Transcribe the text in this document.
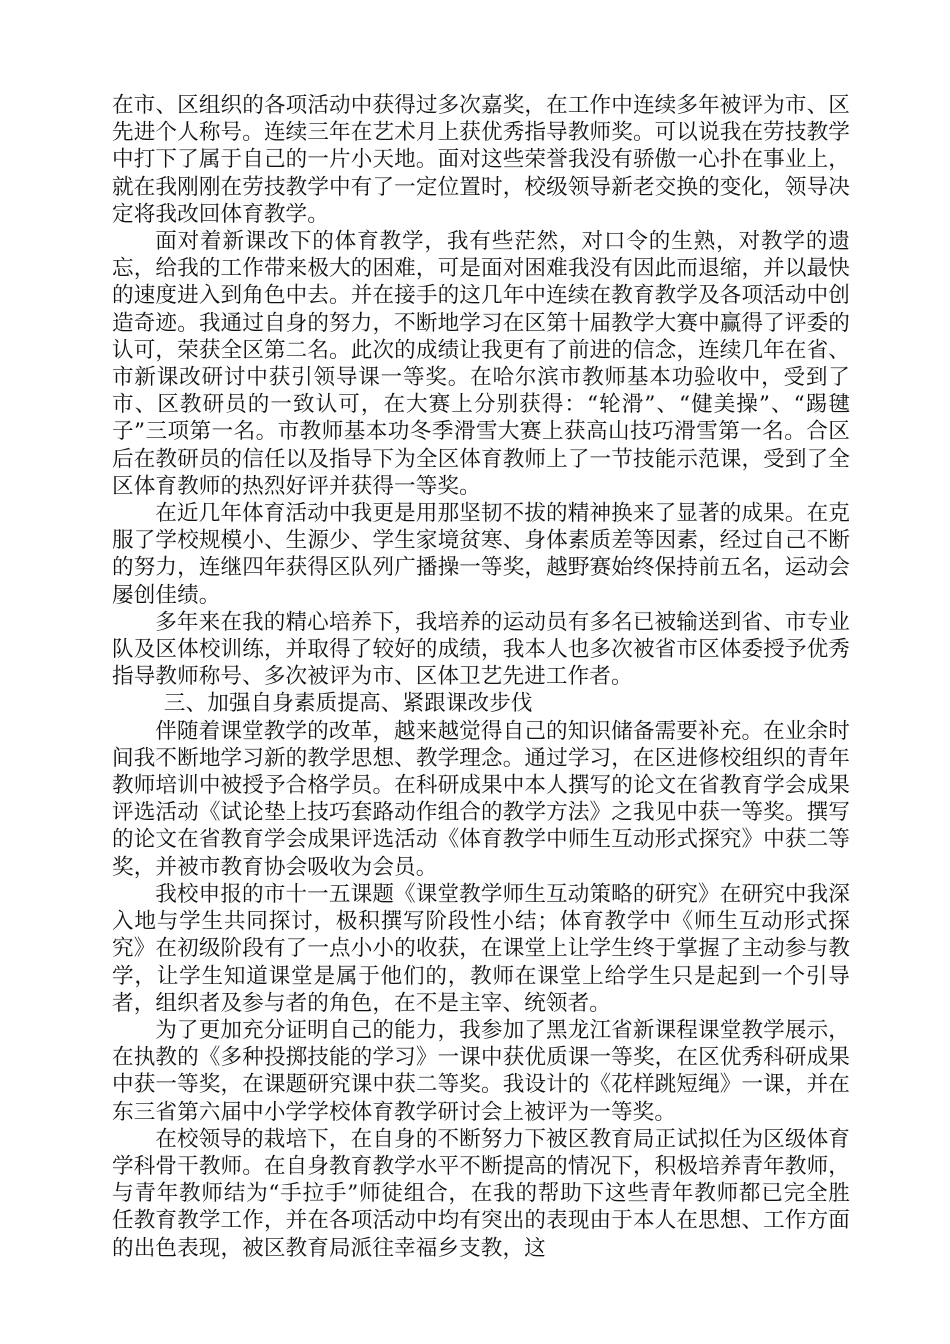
在市、区组织的各项活动中获得过多次嘉奖，在工作中连续多年被评为市、区先进个人称号。连续三年在艺术月上获优秀指导教师奖。可以说我在劳技教学中打下了属于自己的一片小天地。面对这些荣誉我没有骄傲一心扑在事业上，就在我刚刚在劳技教学中有了一定位置时，校级领导新老交换的变化，领导决定将我改回体育教学。

面对着新课改下的体育教学，我有些茫然，对口令的生熟，对教学的遗忘，给我的工作带来极大的困难，可是面对困难我没有因此而退缩，并以最快的速度进入到角色中去。并在接手的这几年中连续在教育教学及各项活动中创造奇迹。我通过自身的努力，不断地学习在区第十届教学大赛中赢得了评委的认可，荣获全区第二名。此次的成绩让我更有了前进的信念，连续几年在省、市新课改研讨中获引领导课一等奖。在哈尔滨市教师基本功验收中，受到了市、区教研员的一致认可，在大赛上分别获得：“轮滑”、“健美操”、“踢毽子”三项第一名。市教师基本功冬季滑雪大赛上获高山技巧滑雪第一名。合区后在教研员的信任以及指导下为全区体育教师上了一节技能示范课，受到了全区体育教师的热烈好评并获得一等奖。

在近几年体育活动中我更是用那坚韧不拔的精神换来了显著的成果。在克服了学校规模小、生源少、学生家境贫寒、身体素质差等因素，经过自己不断的努力，连继四年获得区队列广播操一等奖，越野赛始终保持前五名，运动会屡创佳绩。

多年来在我的精心培养下，我培养的运动员有多名已被输送到省、市专业队及区体校训练，并取得了较好的成绩，我本人也多次被省市区体委授予优秀指导教师称号、多次被评为市、区体卫艺先进工作者。

三、加强自身素质提高、紧跟课改步伐

伴随着课堂教学的改革，越来越觉得自己的知识储备需要补充。在业余时间我不断地学习新的教学思想、教学理念。通过学习，在区进修校组织的青年教师培训中被授予合格学员。在科研成果中本人撰写的论文在省教育学会成果评选活动《试论垫上技巧套路动作组合的教学方法》之我见中获一等奖。撰写的论文在省教育学会成果评选活动《体育教学中师生互动形式探究》中获二等奖，并被市教育协会吸收为会员。

我校申报的市十一五课题《课堂教学师生互动策略的研究》在研究中我深入地与学生共同探讨，极积撰写阶段性小结；体育教学中《师生互动形式探究》在初级阶段有了一点小小的收获，在课堂上让学生终于掌握了主动参与教学，让学生知道课堂是属于他们的，教师在课堂上给学生只是起到一个引导者，组织者及参与者的角色，在不是主宰、统领者。

为了更加充分证明自己的能力，我参加了黑龙江省新课程课堂教学展示，在执教的《多种投掷技能的学习》一课中获优质课一等奖，在区优秀科研成果中获一等奖，在课题研究课中获二等奖。我设计的《花样跳短绳》一课，并在东三省第六届中小学学校体育教学研讨会上被评为一等奖。

在校领导的栽培下，在自身的不断努力下被区教育局正试拟任为区级体育学科骨干教师。在自身教育教学水平不断提高的情况下，积极培养青年教师，与青年教师结为“手拉手”师徒组合，在我的帮助下这些青年教师都已完全胜任教育教学工作，并在各项活动中均有突出的表现由于本人在思想、工作方面的出色表现，被区教育局派往幸福乡支教，这
